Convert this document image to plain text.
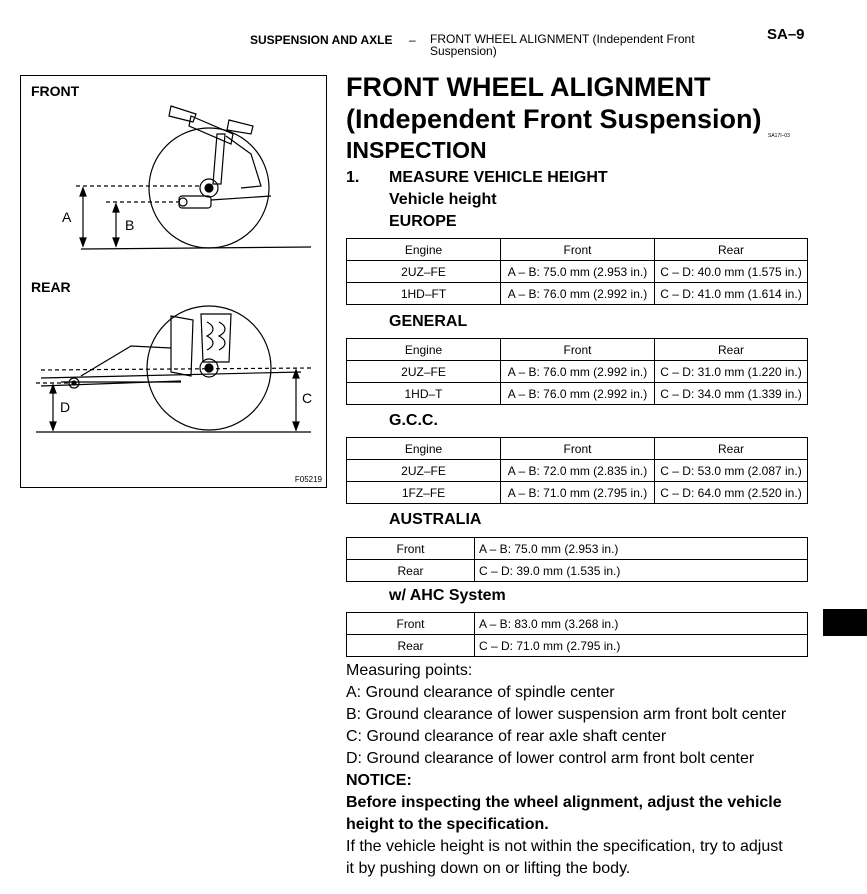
SUSPENSION AND AXLE – FRONT WHEEL ALIGNMENT (Independent Front Suspension)
SA–9
FRONT
REAR
A	B
C
D
F05219
FRONT WHEEL ALIGNMENT
(Independent Front Suspension)
SA17I–03
INSPECTION
1. MEASURE VEHICLE HEIGHT
Vehicle height
EUROPE
Engine	Front	Rear
2UZ–FE	A – B: 75.0 mm (2.953 in.)	C – D: 40.0 mm (1.575 in.)
1HD–FT	A – B: 76.0 mm (2.992 in.)	C – D: 41.0 mm (1.614 in.)
GENERAL
Engine	Front	Rear
2UZ–FE	A – B: 76.0 mm (2.992 in.)	C – D: 31.0 mm (1.220 in.)
1HD–T	A – B: 76.0 mm (2.992 in.)	C – D: 34.0 mm (1.339 in.)
G.C.C.
Engine	Front	Rear
2UZ–FE	A – B: 72.0 mm (2.835 in.)	C – D: 53.0 mm (2.087 in.)
1FZ–FE	A – B: 71.0 mm (2.795 in.)	C – D: 64.0 mm (2.520 in.)
AUSTRALIA
Front	A – B: 75.0 mm (2.953 in.)
Rear	C – D: 39.0 mm (1.535 in.)
w/ AHC System
Front	A – B: 83.0 mm (3.268 in.)
Rear	C – D: 71.0 mm (2.795 in.)
Measuring points:
A: Ground clearance of spindle center
B: Ground clearance of lower suspension arm front bolt center
C: Ground clearance of rear axle shaft center
D: Ground clearance of lower control arm front bolt center
NOTICE:
Before inspecting the wheel alignment, adjust the vehicle
height to the specification.
If the vehicle height is not within the specification, try to adjust
it by pushing down on or lifting the body.
